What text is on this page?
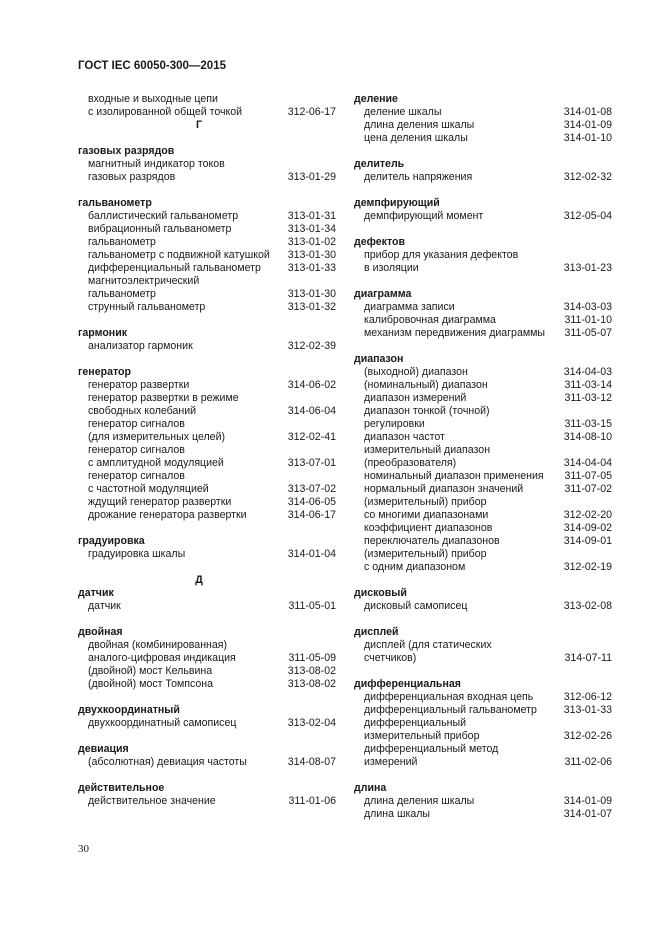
ГОСТ IEC 60050-300—2015
входные и выходные цепи
с изолированной общей точкой	312-06-17
Г
газовых разрядов
магнитный индикатор токов
газовых разрядов	313-01-29
гальванометр
баллистический гальванометр	313-01-31
вибрационный гальванометр	313-01-34
гальванометр	313-01-02
гальванометр с подвижной катушкой 313-01-30
дифференциальный гальванометр	313-01-33
магнитоэлектрический
гальванометр	313-01-30
струнный гальванометр	313-01-32
гармоник
анализатор гармоник	312-02-39
генератор
генератор развертки	314-06-02
генератор развертки в режиме
свободных колебаний	314-06-04
генератор сигналов
(для измерительных целей)	312-02-41
генератор сигналов
с амплитудной модуляцией	313-07-01
генератор сигналов
с частотной модуляцией	313-07-02
ждущий генератор развертки	314-06-05
дрожание генератора развертки	314-06-17
градуировка
градуировка шкалы	314-01-04
Д
датчик
датчик	311-05-01
двойная
двойная (комбинированная)
аналого-цифровая индикация	311-05-09
(двойной) мост Кельвина	313-08-02
(двойной) мост Томпсона	313-08-02
двухкоординатный
двухкоординатный самописец	313-02-04
девиация
(абсолютная) девиация частоты	314-08-07
действительное
действительное значение	311-01-06
деление
деление шкалы	314-01-08
длина деления шкалы	314-01-09
цена деления шкалы	314-01-10
делитель
делитель напряжения	312-02-32
демпфирующий
демпфирующий момент	312-05-04
дефектов
прибор для указания дефектов
в изоляции	313-01-23
диаграмма
диаграмма записи	314-03-03
калибровочная диаграмма	311-01-10
механизм передвижения диаграммы 311-05-07
диапазон
(выходной) диапазон	314-04-03
(номинальный) диапазон	311-03-14
диапазон измерений	311-03-12
диапазон тонкой (точной)
регулировки	311-03-15
диапазон частот	314-08-10
измерительный диапазон
(преобразователя)	314-04-04
номинальный диапазон применения 311-07-05
нормальный диапазон значений	311-07-02
(измерительный) прибор
со многими диапазонами	312-02-20
коэффициент диапазонов	314-09-02
переключатель диапазонов	314-09-01
(измерительный) прибор
с одним диапазоном	312-02-19
дисковый
дисковый самописец	313-02-08
дисплей
дисплей (для статических
счетчиков)	314-07-11
дифференциальная
дифференциальная входная цепь	312-06-12
дифференциальный гальванометр	313-01-33
дифференциальный
измерительный прибор	312-02-26
дифференциальный метод
измерений	311-02-06
длина
длина деления шкалы	314-01-09
длина шкалы	314-01-07
30
